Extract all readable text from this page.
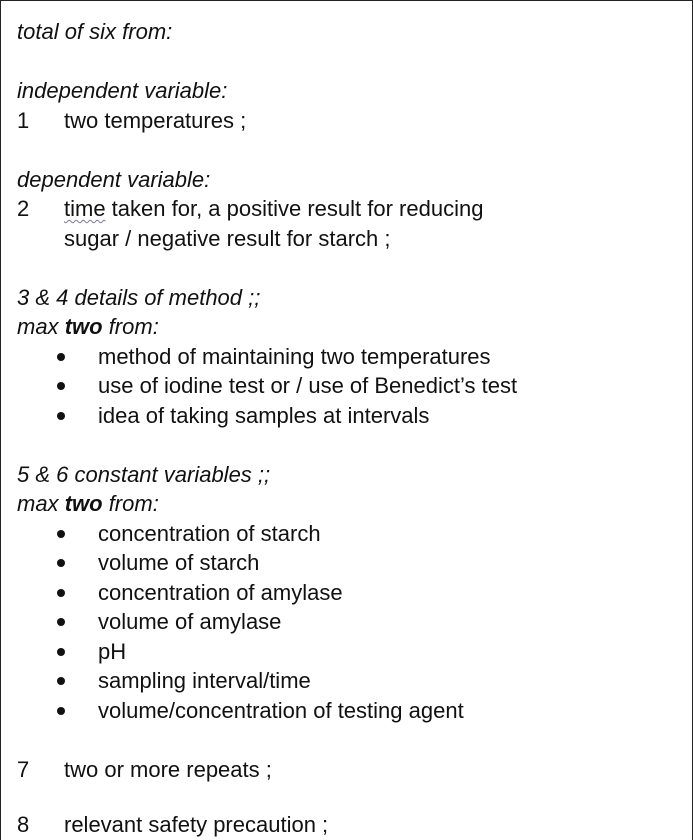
total of six from:
independent variable:
1 two temperatures ;
dependent variable:
2 time taken for, a positive result for reducing
sugar / negative result for starch ;
3 & 4 details of method ;;
max two from:
method of maintaining two temperatures
use of iodine test or / use of Benedict’s test
idea of taking samples at intervals
5 & 6 constant variables ;;
max two from:
concentration of starch
volume of starch
concentration of amylase
volume of amylase
pH
sampling interval/time
volume/concentration of testing agent
7 two or more repeats ;
8 relevant safety precaution ;
